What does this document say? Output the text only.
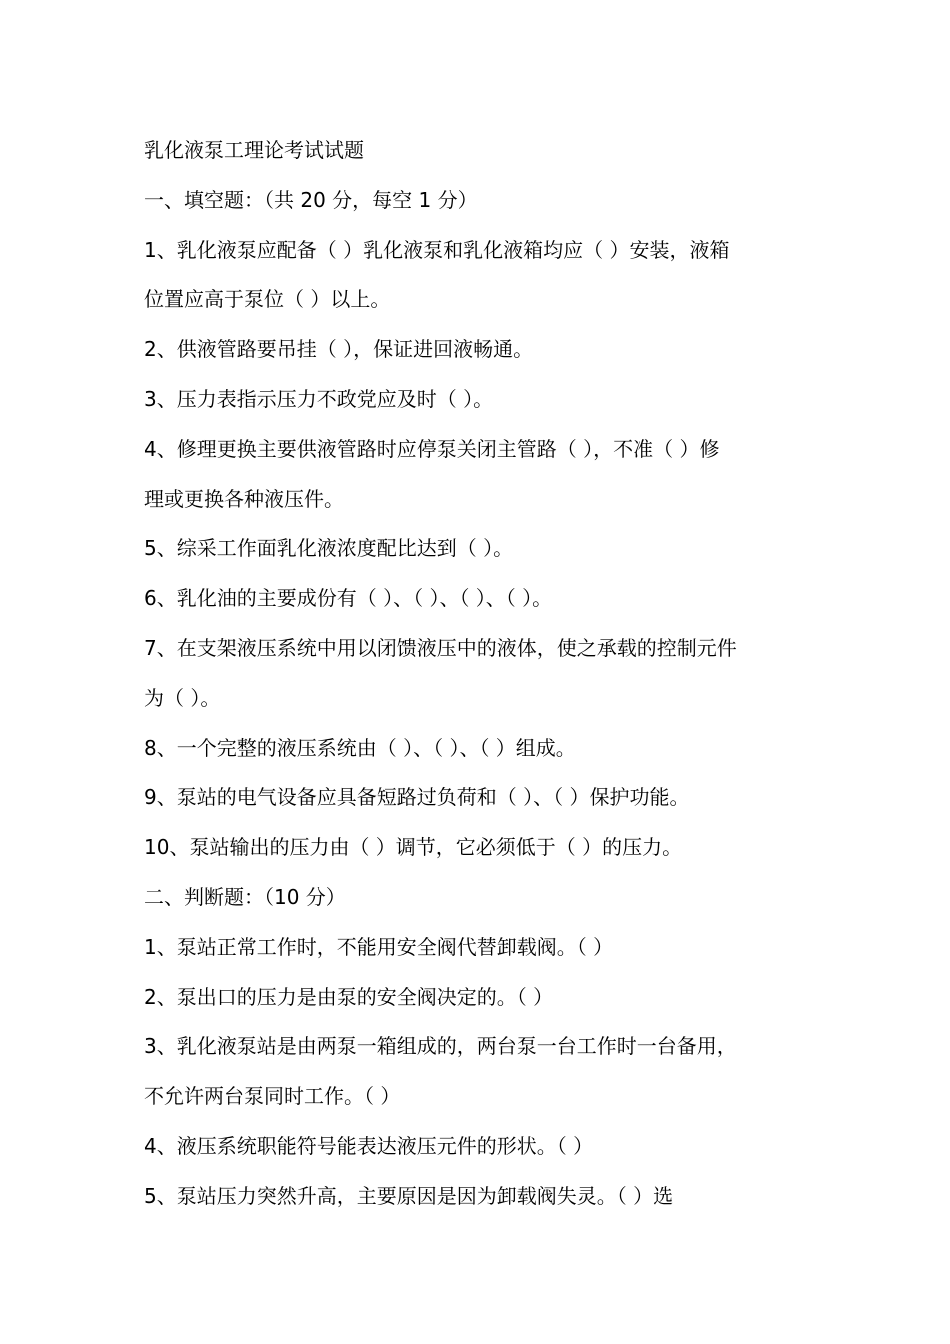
乳化液泵工理论考试试题
一、填空题：（共 20 分，每空 1 分）
1、乳化液泵应配备（ ）乳化液泵和乳化液箱均应（ ）安装，液箱
位置应高于泵位（ ）以上。
2、供液管路要吊挂（ ），保证进回液畅通。
3、压力表指示压力不政党应及时（ ）。
4、修理更换主要供液管路时应停泵关闭主管路（ ），不准（ ）修
理或更换各种液压件。
5、综采工作面乳化液浓度配比达到（ ）。
6、乳化油的主要成份有（ ）、（ ）、（ ）、（ ）。
7、在支架液压系统中用以闭馈液压中的液体，使之承载的控制元件
为（ ）。
8、一个完整的液压系统由（ ）、（ ）、（ ）组成。
9、泵站的电气设备应具备短路过负荷和（ ）、（ ）保护功能。
10、泵站输出的压力由（ ）调节，它必须低于（ ）的压力。
二、判断题：（10 分）
1、泵站正常工作时，不能用安全阀代替卸载阀。（ ）
2、泵出口的压力是由泵的安全阀决定的。（ ）
3、乳化液泵站是由两泵一箱组成的，两台泵一台工作时一台备用，
不允许两台泵同时工作。（ ）
4、液压系统职能符号能表达液压元件的形状。（ ）
5、泵站压力突然升高，主要原因是因为卸载阀失灵。（ ）选
